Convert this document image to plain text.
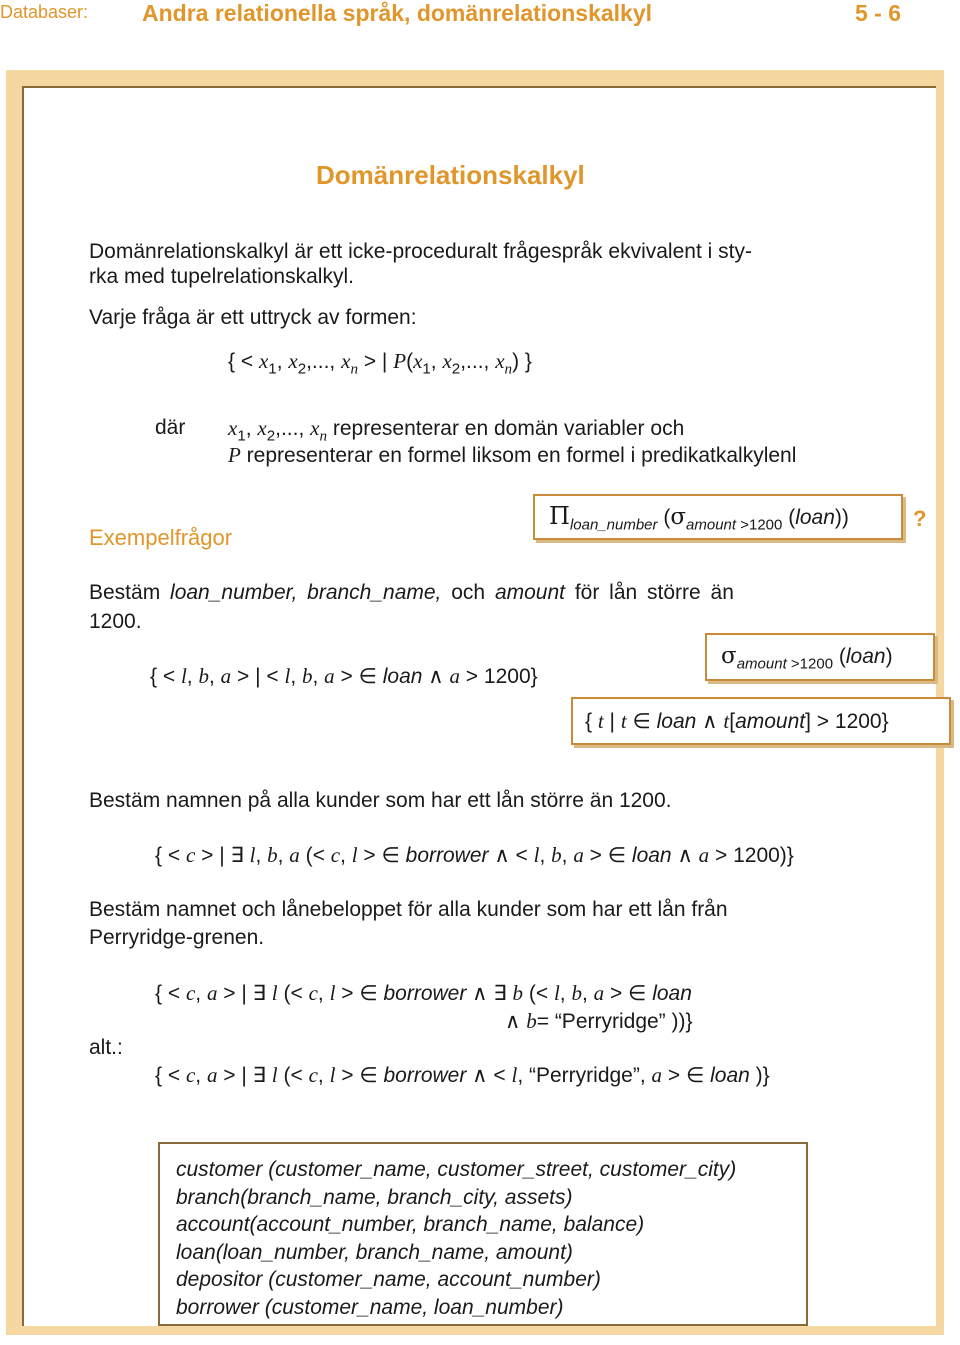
Databaser: Andra relationella språk, domänrelationskalkyl	5 - 6
Domänrelationskalkyl
Domänrelationskalkyl är ett icke-proceduralt frågespråk ekvivalent i sty-
rka med tupelrelationskalkyl.
Varje fråga är ett uttryck av formen:
{ < $x_1$, $x_2$,..., $x_n$ > | $P(x_1$, $x_2$,..., $x_n$) }
där $x_1$, $x_2$,..., $x_n$ representerar en domän variabler och
P representerar en formel liksom en formel i predikatkalkylenl
Exempelfrågor
$\Pi_{loan\_number}$ ($\sigma_{amount}$ $_{>1200}$ (loan))	?
Bestäm loan_number, branch_name, och amount för lån större än
1200.
{ < l, b, a > | < l, b, a > ∈ loan ∧ a > 1200}
$\sigma_{amount}$ $_{>1200}$ (loan)
{ t | t ∈ loan ∧ t[amount] > 1200}
Bestäm namnen på alla kunder som har ett lån större än 1200.
{ < c > | ∃ l, b, a (< c, l > ∈ borrower ∧ < l, b, a > ∈ loan ∧ a > 1200)}
Bestäm namnet och lånebeloppet för alla kunder som har ett lån från
Perryridge-grenen.
{ < c, a > | ∃ l (< c, l > ∈ borrower ∧ ∃ b (< l, b, a > ∈ loan
∧ b= “Perryridge” ))}
alt.:
{ < c, a > | ∃ l (< c, l > ∈ borrower ∧ < l, “Perryridge”, a > ∈ loan )}
customer (customer_name, customer_street, customer_city)
branch(branch_name, branch_city, assets)
account(account_number, branch_name, balance)
loan(loan_number, branch_name, amount)
depositor (customer_name, account_number)
borrower (customer_name, loan_number)
